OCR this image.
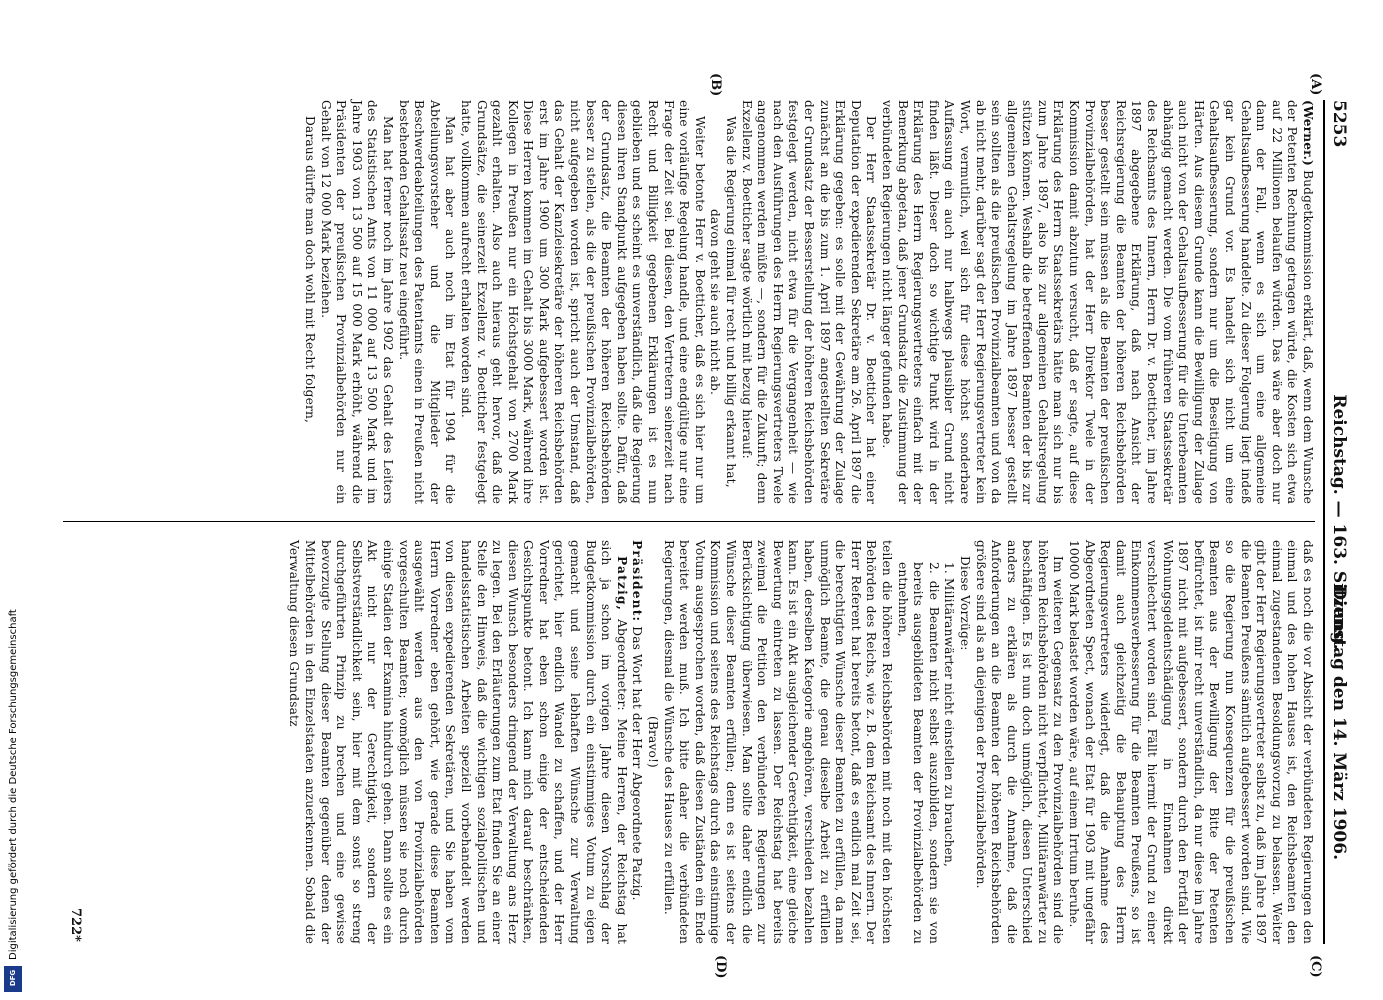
5253
Reichstag. — 163. Sitzung.
Dienstag den 14. März 1906.
(A)
(B)
(C)
(D)

(Werner.) Budgetkommission erklärt, daß, wenn dem Wunsche der Petenten Rechnung getragen würde, die Kosten sich etwa auf 22 Millionen belaufen würden. Das wäre aber doch nur dann der Fall, wenn es sich um eine allgemeine Gehaltsaufbesserung handelte. Zu dieser Folgerung liegt indeß gar kein Grund vor. Es handelt sich nicht um eine Gehaltsaufbesserung, sondern nur um die Beseitigung von Härten. Aus diesem Grunde kann die Bewilligung der Zulage auch nicht von der Gehaltsaufbesserung für die Unterbeamten abhängig gemacht werden. Die vom früheren Staatssekretär des Reichsamts des Innern, Herrn Dr. v. Boetticher, im Jahre 1897 abgegebene Erklärung, daß nach Ansicht der Reichsregierung die Beamten der höheren Reichsbehörden besser gestellt sein müssen als die Beamten der preußischen Provinzialbehörden, hat der Herr Direktor Twele in der Kommission damit abzutun versucht, daß er sagte, auf diese Erklärung des Herrn Staatssekretärs hätte man sich nur bis zum Jahre 1897, also bis zur allgemeinen Gehaltsregelung stützen können. Weshalb die betreffenden Beamten der bis zur allgemeinen Gehaltsregelung im Jahre 1897 besser gestellt sein sollten als die preußischen Provinzialbeamten und von da ab nicht mehr, darüber sagt der Herr Regierungsvertreter kein Wort, vermutlich, weil sich für diese höchst sonderbare Auffassung ein auch nur halbwegs plausibler Grund nicht finden läßt. Dieser doch so wichtige Punkt wird in der Erklärung des Herrn Regierungsvertreters einfach mit der Bemerkung abgetan, daß jener Grundsatz die Zustimmung der verbündeten Regierungen nicht länger gefunden habe.

Der Herr Staatssekretär Dr. v. Boetticher hat einer Deputation der expedierenden Sekretäre am 26. April 1897 die Erklärung gegeben: es solle mit der Gewährung der Zulage zunächst an die bis zum 1. April 1897 angestellten Sekretäre der Grundsatz der Besserstellung der höheren Reichsbehörden festgelegt werden, nicht etwa für die Vergangenheit — wie nach den Ausführungen des Herrn Regierungsvertreters Twele angenommen werden müßte —, sondern für die Zukunft; denn Exzellenz v. Boetticher sagte wörtlich mit bezug hierauf:

Was die Regierung einmal für recht und billig erkannt hat, davon geht sie auch nicht ab.

Weiter betonte Herr v. Boetticher, daß es sich hier nur um eine vorläufige Regelung handle, und eine endgültige nur eine Frage der Zeit sei. Bei diesen, den Vertretern seinerzeit nach Recht und Billigkeit gegebenen Erklärungen ist es nun geblieben und es scheint es unverständlich, daß die Regierung diesen ihren Standpunkt aufgegeben haben sollte. Dafür, daß der Grundsatz, die Beamten der höheren Reichsbehörden besser zu stellen, als die der preußischen Provinzialbehörden, nicht aufgegeben worden ist, spricht auch der Umstand, daß das Gehalt der Kanzleisekretäre der höheren Reichsbehörden erst im Jahre 1900 um 300 Mark aufgebessert worden ist. Diese Herren kommen im Gehalt bis 3000 Mark, während ihre Kollegen in Preußen nur ein Höchstgehalt von 2700 Mark gezahlt erhalten. Also auch hieraus geht hervor, daß die Grundsätze, die seinerzeit Exzellenz v. Boetticher festgelegt hatte, vollkommen aufrecht erhalten worden sind.

Man hat aber auch noch im Etat für 1904 für die Abteilungsvorsteher und die Mitglieder der Beschwerdeabteilungen des Patentamts einen in Preußen nicht bestehenden Gehaltssatz neu eingeführt.

Man hat ferner noch im Jahre 1902 das Gehalt des Leiters des Statistischen Amts von 11 000 auf 13 500 Mark und im Jahre 1903 von 13 500 auf 15 000 Mark erhöht, während die Präsidenten der preußischen Provinzialbehörden nur ein Gehalt von 12 000 Mark beziehen.

Daraus dürfte man doch wohl mit Recht folgern,

daß es noch die vor Absicht der verbündeten Regierungen den einmal und des hohen Hauses ist, den Reichsbeamten den einmal zugestandenen Besoldungsvorzug zu belassen. Weiter gibt der Herr Regierungsvertreter selbst zu, daß im Jahre 1897 die Beamten Preußens sämtlich aufgebessert worden sind. Wie so die Regierung nun Konsequenzen für die preußischen Beamten aus der Bewilligung der Bitte der Petenten befürchtet, ist mir recht unverständlich, da nur diese im Jahre 1897 nicht mit aufgebessert, sondern durch den Fortfall der Wohnungsgeldentschädigung in Einnahmen direkt verschlechtert worden sind. Fällt hiermit der Grund zu einer Einkommensverbesserung für die Beamten Preußens, so ist damit auch gleichzeitig die Behauptung des Herrn Regierungsvertreters widerlegt, daß die Annahme des Abgeordneten Spect, wonach der Etat für 1903 mit ungefähr 10000 Mark belastet worden wäre, auf einem Irrtum beruhe.

Im weiteren Gegensatz zu den Provinzialbehörden sind die höheren Reichsbehörden nicht verpflichtet, Militäranwärter zu beschäftigen. Es ist nun doch unmöglich, diesen Unterschied anders zu erklären als durch die Annahme, daß die Anforderungen an die Beamten der höheren Reichsbehörden größere sind als an diejenigen der Provinzialbehörden.

Diese Vorzüge:

1. Militäranwärter nicht einstellen zu brauchen,

2. die Beamten nicht selbst auszubilden, sondern sie von bereits ausgebildeten Beamten der Provinzialbehörden zu entnehmen,

teilen die höheren Reichsbehörden mit noch mit den höchsten Behörden des Reichs, wie z. B. dem Reichsamt des Innern. Der Herr Referent hat bereits betont, daß es endlich mal Zeit sei, die berechtigten Wünsche dieser Beamten zu erfüllen, da man unmöglich Beamte, die genau dieselbe Arbeit zu erfüllen haben, derselben Kategorie angehören, verschieden bezahlen kann. Es ist ein Akt ausgleichender Gerechtigkeit, eine gleiche Bewertung eintreten zu lassen. Der Reichstag hat bereits zweimal die Petition den verbündeten Regierungen zur Berücksichtigung überwiesen. Man sollte daher endlich die Wünsche dieser Beamten erfüllen; denn es ist seitens der Kommission und seitens des Reichstags durch das einstimmige Votum ausgesprochen worden, daß diesen Zuständen ein Ende bereitet werden muß. Ich bitte daher die verbündeten Regierungen, diesmal die Wünsche des Hauses zu erfüllen.

(Bravo!)

Präsident: Das Wort hat der Herr Abgeordnete Patzig.

Patzig, Abgeordneter: Meine Herren, der Reichstag hat sich ja schon im vorigen Jahre diesen Vorschlag der Budgetkommission durch ein einstimmiges Votum zu eigen gemacht und seine lebhaften Wünsche zur Verwaltung gerichtet, hier endlich Wandel zu schaffen, und der Herr Vorredner hat eben schon einige der entscheidenden Gesichtspunkte betont. Ich kann mich darauf beschränken, diesen Wunsch besonders dringend der Verwaltung ans Herz zu legen. Bei den Erläuterungen zum Etat finden Sie an einer Stelle den Hinweis, daß die wichtigen sozialpolitischen und handelsstatistischen Arbeiten speziell vorbehandelt werden von diesen expedierenden Sekretären, und Sie haben vom Herrn Vorredner eben gehört, wie gerade diese Beamten ausgewählt werden aus den von Provinzialbehörden vorgeschulten Beamten; womöglich müssen sie noch durch einige Stadien der Examina hindurch gehen. Dann sollte es ein Akt nicht nur der Gerechtigkeit, sondern der Selbstverständlichkeit sein, hier mit dem sonst so streng durchgeführten Prinzip zu brechen und eine gewisse bevorzugte Stellung dieser Beamten gegenüber denen der Mittelbehörden in den Einzelstaaten anzuerkennen. Sobald die Verwaltung diesen Grundsatz

722*
Digitalisierung gefördert durch die Deutsche Forschungsgemeinschaft
DFG
